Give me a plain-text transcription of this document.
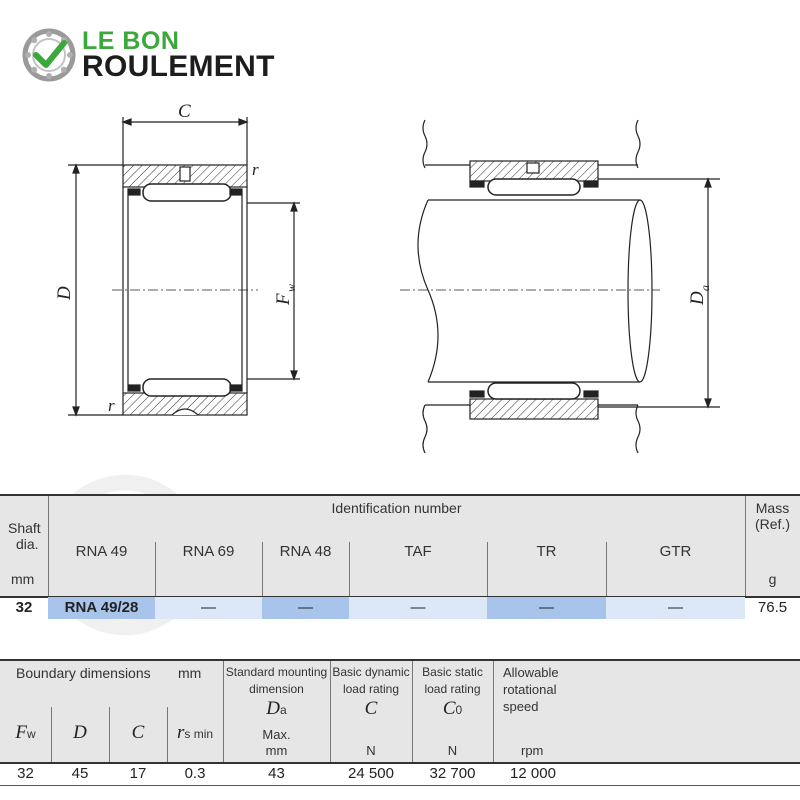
LE BON
ROULEMENT
C
r
r
D	F
w
D
a
Shaft
dia.
mm
Identification number	Mass
(Ref.)
g
RNA 49	RNA 69	RNA 48	TAF	TR	GTR
32	RNA 49/28	—	—	—	—	—	76.5
Boundary dimensions mm Standard mounting
dimension
Da
Max.
mm
Basic dynamic
load rating
C
N
Basic static
load rating
C0
N
Allowable
rotational
speed
rpm
Fw	D	C	rs min
32	45	17	0.3	43	24 500	32 700	12 000
